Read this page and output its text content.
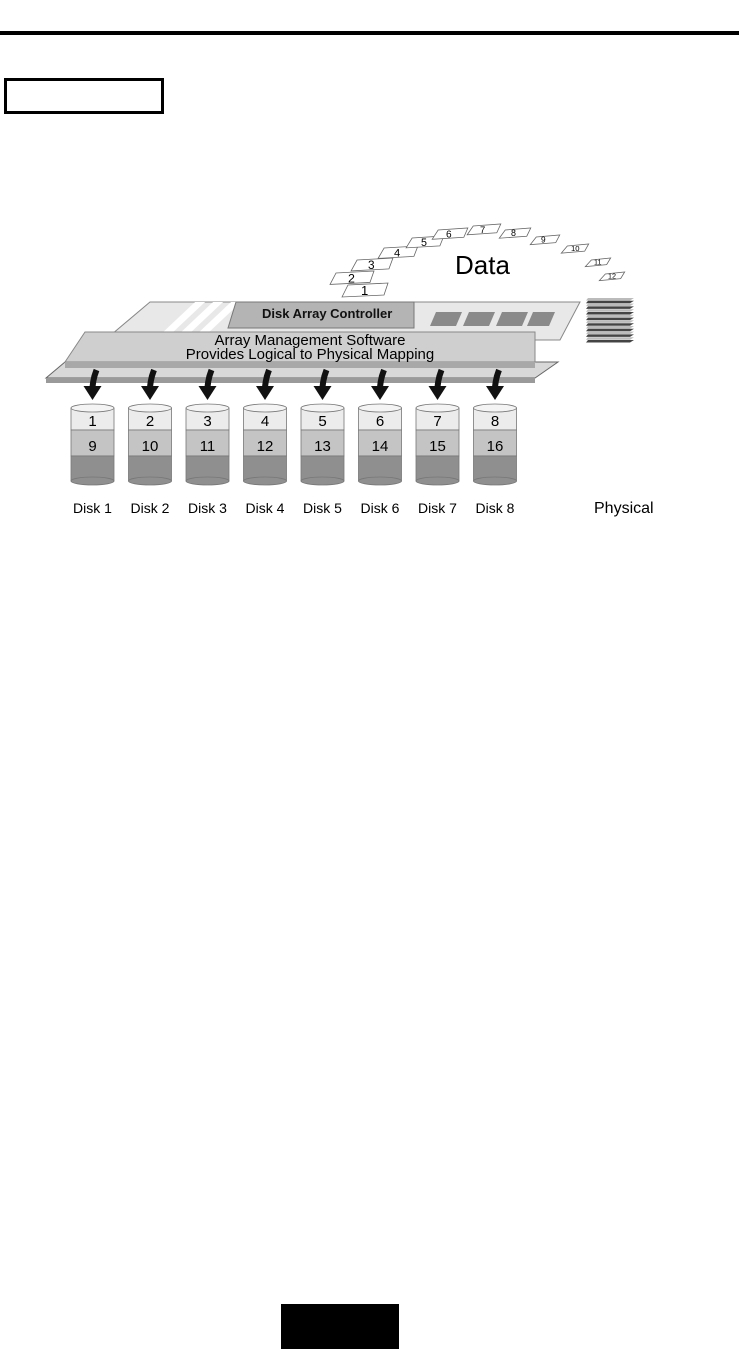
1
2
3
4
5
6	7	8
9
10
11
12
Data
Disk Array Controller
Array Management Software
Provides Logical to Physical Mapping
1
9
Disk 1
2
10
Disk 2
3
11
Disk 3
4
12
Disk 4
5
13
Disk 5
6
14
Disk 6
7
15
Disk 7
8
16
Disk 8	Physical
